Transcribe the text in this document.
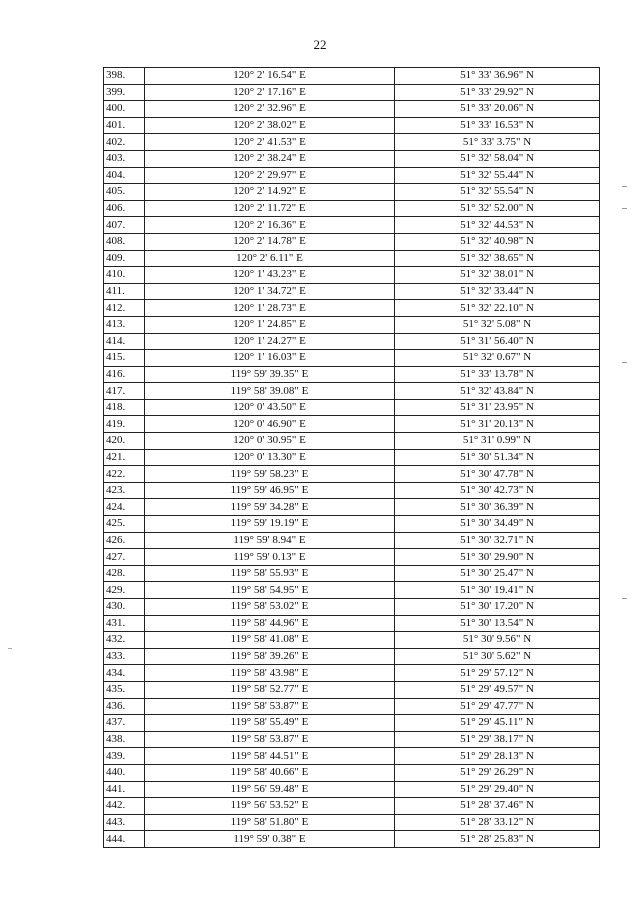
22
398.	120° 2' 16.54" E	51° 33' 36.96" N
399.	120° 2' 17.16" E	51° 33' 29.92" N
400.	120° 2' 32.96" E	51° 33' 20.06" N
401.	120° 2' 38.02" E	51° 33' 16.53" N
402.	120° 2' 41.53" E	51° 33' 3.75" N
403.	120° 2' 38.24" E	51° 32' 58.04" N
404.	120° 2' 29.97" E	51° 32' 55.44" N
405.	120° 2' 14.92" E	51° 32' 55.54" N
406.	120° 2' 11.72" E	51° 32' 52.00" N
407.	120° 2' 16.36" E	51° 32' 44.53" N
408.	120° 2' 14.78" E	51° 32' 40.98" N
409.	120° 2' 6.11" E	51° 32' 38.65" N
410.	120° 1' 43.23" E	51° 32' 38.01" N
411.	120° 1' 34.72" E	51° 32' 33.44" N
412.	120° 1' 28.73" E	51° 32' 22.10" N
413.	120° 1' 24.85" E	51° 32' 5.08" N
414.	120° 1' 24.27" E	51° 31' 56.40" N
415.	120° 1' 16.03" E	51° 32' 0.67" N
416.	119° 59' 39.35" E	51° 33' 13.78" N
417.	119° 58' 39.08" E	51° 32' 43.84" N
418.	120° 0' 43.50" E	51° 31' 23.95" N
419.	120° 0' 46.90" E	51° 31' 20.13" N
420.	120° 0' 30.95" E	51° 31' 0.99" N
421.	120° 0' 13.30" E	51° 30' 51.34" N
422.	119° 59' 58.23" E	51° 30' 47.78" N
423.	119° 59' 46.95" E	51° 30' 42.73" N
424.	119° 59' 34.28" E	51° 30' 36.39" N
425.	119° 59' 19.19" E	51° 30' 34.49" N
426.	119° 59' 8.94" E	51° 30' 32.71" N
427.	119° 59' 0.13" E	51° 30' 29.90" N
428.	119° 58' 55.93" E	51° 30' 25.47" N
429.	119° 58' 54.95" E	51° 30' 19.41" N
430.	119° 58' 53.02" E	51° 30' 17.20" N
431.	119° 58' 44.96" E	51° 30' 13.54" N
432.	119° 58' 41.08" E	51° 30' 9.56" N
433.	119° 58' 39.26" E	51° 30' 5.62" N
434.	119° 58' 43.98" E	51° 29' 57.12" N
435.	119° 58' 52.77" E	51° 29' 49.57" N
436.	119° 58' 53.87" E	51° 29' 47.77" N
437.	119° 58' 55.49" E	51° 29' 45.11" N
438.	119° 58' 53.87" E	51° 29' 38.17" N
439.	119° 58' 44.51" E	51° 29' 28.13" N
440.	119° 58' 40.66" E	51° 29' 26.29" N
441.	119° 56' 59.48" E	51° 29' 29.40" N
442.	119° 56' 53.52" E	51° 28' 37.46" N
443.	119° 58' 51.80" E	51° 28' 33.12" N
444.	119° 59' 0.38" E	51° 28' 25.83" N
